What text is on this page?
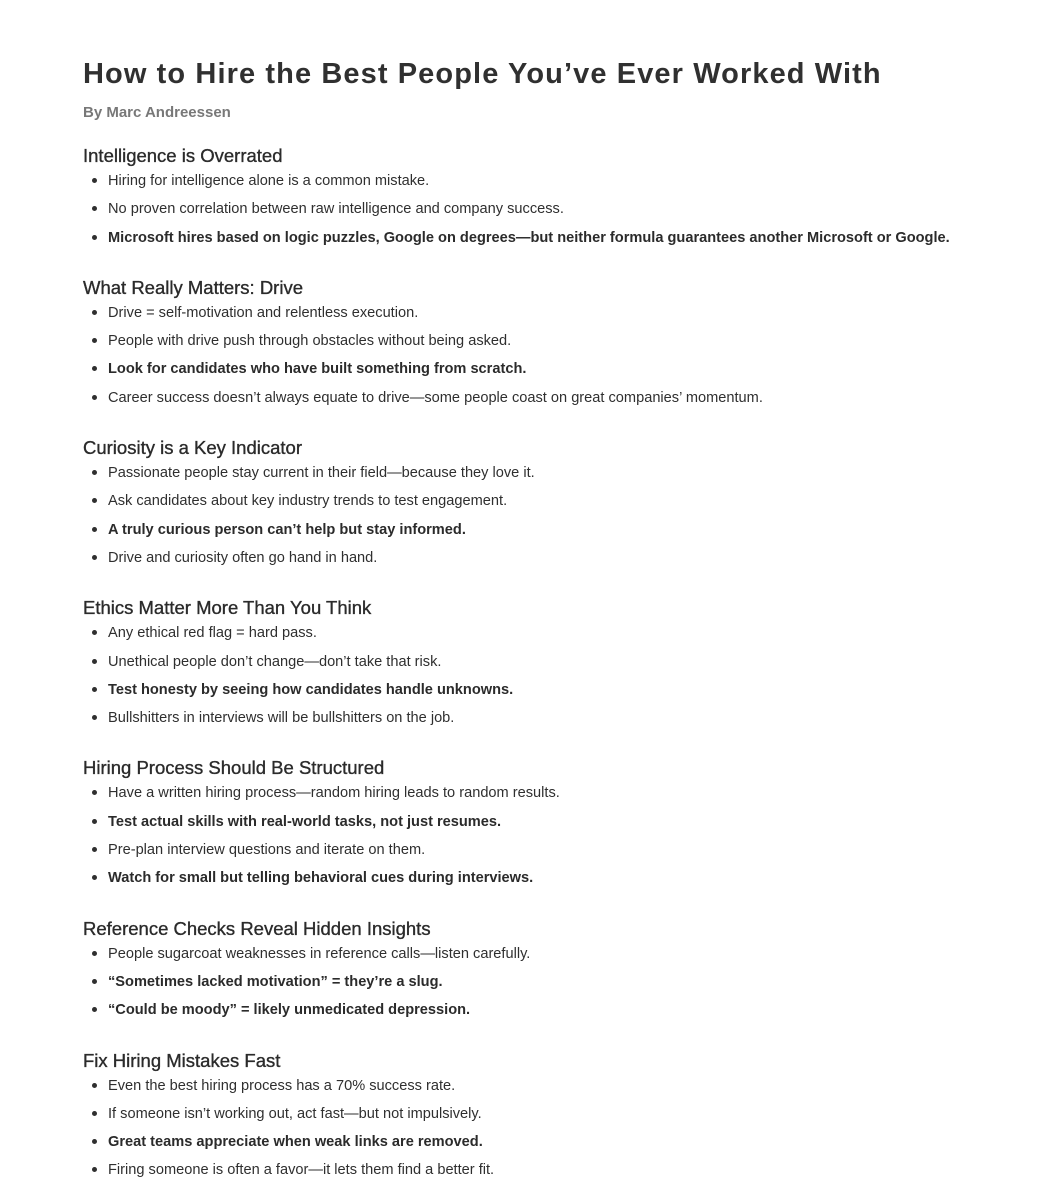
How to Hire the Best People You’ve Ever Worked With
By Marc Andreessen
Intelligence is Overrated
Hiring for intelligence alone is a common mistake.
No proven correlation between raw intelligence and company success.
Microsoft hires based on logic puzzles, Google on degrees—but neither formula guarantees another Microsoft or Google.
What Really Matters: Drive
Drive = self-motivation and relentless execution.
People with drive push through obstacles without being asked.
Look for candidates who have built something from scratch.
Career success doesn’t always equate to drive—some people coast on great companies’ momentum.
Curiosity is a Key Indicator
Passionate people stay current in their field—because they love it.
Ask candidates about key industry trends to test engagement.
A truly curious person can’t help but stay informed.
Drive and curiosity often go hand in hand.
Ethics Matter More Than You Think
Any ethical red flag = hard pass.
Unethical people don’t change—don’t take that risk.
Test honesty by seeing how candidates handle unknowns.
Bullshitters in interviews will be bullshitters on the job.
Hiring Process Should Be Structured
Have a written hiring process—random hiring leads to random results.
Test actual skills with real-world tasks, not just resumes.
Pre-plan interview questions and iterate on them.
Watch for small but telling behavioral cues during interviews.
Reference Checks Reveal Hidden Insights
People sugarcoat weaknesses in reference calls—listen carefully.
“Sometimes lacked motivation” = they’re a slug.
“Could be moody” = likely unmedicated depression.
Fix Hiring Mistakes Fast
Even the best hiring process has a 70% success rate.
If someone isn’t working out, act fast—but not impulsively.
Great teams appreciate when weak links are removed.
Firing someone is often a favor—it lets them find a better fit.
